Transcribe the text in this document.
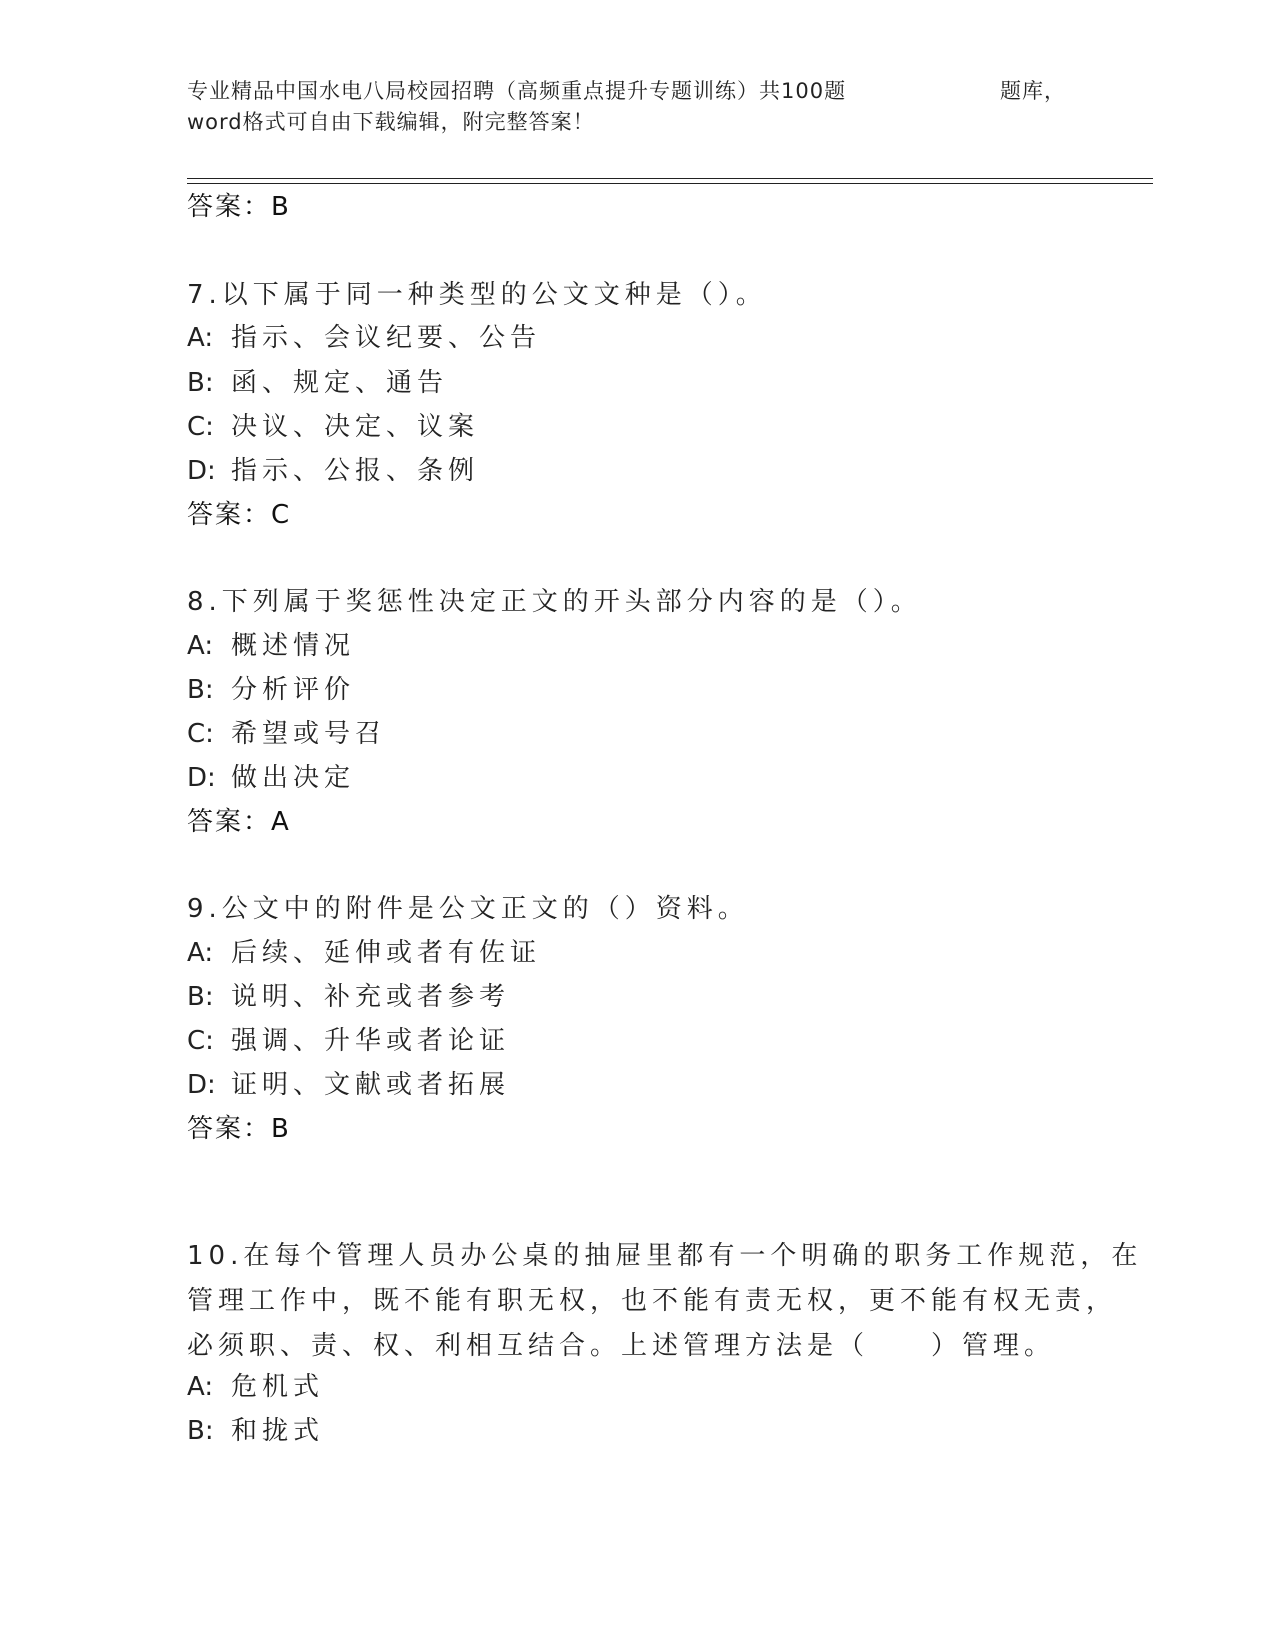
专业精品中国水电八局校园招聘（高频重点提升专题训练）共100题	题库，
word格式可自由下载编辑，附完整答案！
答案：B
7.以下属于同一种类型的公文文种是（）。
A: 指示、会议纪要、公告
B: 函、规定、通告
C: 决议、决定、议案
D: 指示、公报、条例
答案：C
8.下列属于奖惩性决定正文的开头部分内容的是（）。
A: 概述情况
B: 分析评价
C: 希望或号召
D: 做出决定
答案：A
9.公文中的附件是公文正文的（）资料。
A: 后续、延伸或者有佐证
B: 说明、补充或者参考
C: 强调、升华或者论证
D: 证明、文献或者拓展
答案：B
10.在每个管理人员办公桌的抽屉里都有一个明确的职务工作规范，在
管理工作中，既不能有职无权，也不能有责无权，更不能有权无责，
必须职、责、权、利相互结合。上述管理方法是（　　）管理。
A: 危机式
B: 和拢式
